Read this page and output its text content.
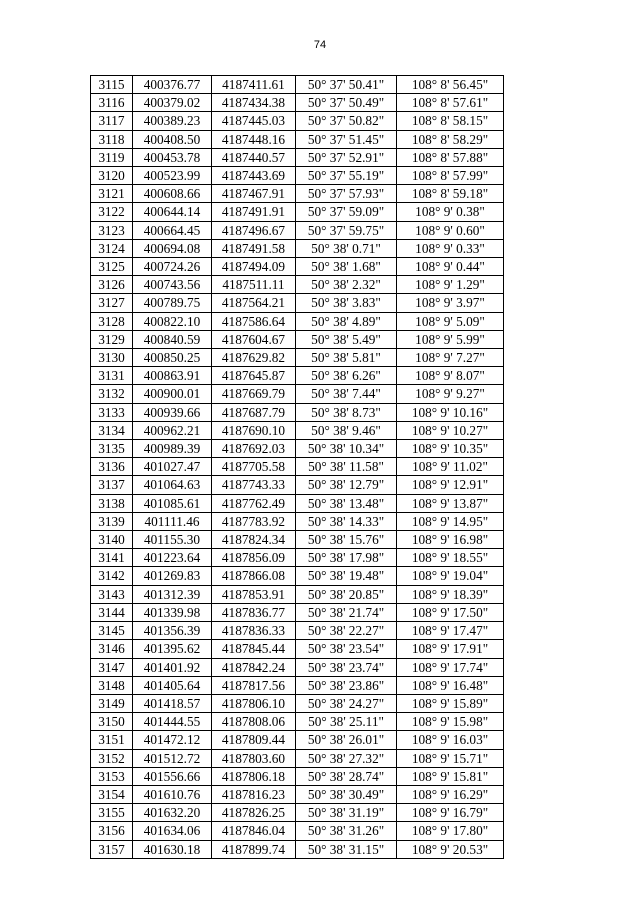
74
3115	400376.77	4187411.61	50° 37' 50.41"	108° 8' 56.45"
3116	400379.02	4187434.38	50° 37' 50.49"	108° 8' 57.61"
3117	400389.23	4187445.03	50° 37' 50.82"	108° 8' 58.15"
3118	400408.50	4187448.16	50° 37' 51.45"	108° 8' 58.29"
3119	400453.78	4187440.57	50° 37' 52.91"	108° 8' 57.88"
3120	400523.99	4187443.69	50° 37' 55.19"	108° 8' 57.99"
3121	400608.66	4187467.91	50° 37' 57.93"	108° 8' 59.18"
3122	400644.14	4187491.91	50° 37' 59.09"	108° 9' 0.38"
3123	400664.45	4187496.67	50° 37' 59.75"	108° 9' 0.60"
3124	400694.08	4187491.58	50° 38' 0.71"	108° 9' 0.33"
3125	400724.26	4187494.09	50° 38' 1.68"	108° 9' 0.44"
3126	400743.56	4187511.11	50° 38' 2.32"	108° 9' 1.29"
3127	400789.75	4187564.21	50° 38' 3.83"	108° 9' 3.97"
3128	400822.10	4187586.64	50° 38' 4.89"	108° 9' 5.09"
3129	400840.59	4187604.67	50° 38' 5.49"	108° 9' 5.99"
3130	400850.25	4187629.82	50° 38' 5.81"	108° 9' 7.27"
3131	400863.91	4187645.87	50° 38' 6.26"	108° 9' 8.07"
3132	400900.01	4187669.79	50° 38' 7.44"	108° 9' 9.27"
3133	400939.66	4187687.79	50° 38' 8.73"	108° 9' 10.16"
3134	400962.21	4187690.10	50° 38' 9.46"	108° 9' 10.27"
3135	400989.39	4187692.03	50° 38' 10.34"	108° 9' 10.35"
3136	401027.47	4187705.58	50° 38' 11.58"	108° 9' 11.02"
3137	401064.63	4187743.33	50° 38' 12.79"	108° 9' 12.91"
3138	401085.61	4187762.49	50° 38' 13.48"	108° 9' 13.87"
3139	401111.46	4187783.92	50° 38' 14.33"	108° 9' 14.95"
3140	401155.30	4187824.34	50° 38' 15.76"	108° 9' 16.98"
3141	401223.64	4187856.09	50° 38' 17.98"	108° 9' 18.55"
3142	401269.83	4187866.08	50° 38' 19.48"	108° 9' 19.04"
3143	401312.39	4187853.91	50° 38' 20.85"	108° 9' 18.39"
3144	401339.98	4187836.77	50° 38' 21.74"	108° 9' 17.50"
3145	401356.39	4187836.33	50° 38' 22.27"	108° 9' 17.47"
3146	401395.62	4187845.44	50° 38' 23.54"	108° 9' 17.91"
3147	401401.92	4187842.24	50° 38' 23.74"	108° 9' 17.74"
3148	401405.64	4187817.56	50° 38' 23.86"	108° 9' 16.48"
3149	401418.57	4187806.10	50° 38' 24.27"	108° 9' 15.89"
3150	401444.55	4187808.06	50° 38' 25.11"	108° 9' 15.98"
3151	401472.12	4187809.44	50° 38' 26.01"	108° 9' 16.03"
3152	401512.72	4187803.60	50° 38' 27.32"	108° 9' 15.71"
3153	401556.66	4187806.18	50° 38' 28.74"	108° 9' 15.81"
3154	401610.76	4187816.23	50° 38' 30.49"	108° 9' 16.29"
3155	401632.20	4187826.25	50° 38' 31.19"	108° 9' 16.79"
3156	401634.06	4187846.04	50° 38' 31.26"	108° 9' 17.80"
3157	401630.18	4187899.74	50° 38' 31.15"	108° 9' 20.53"
